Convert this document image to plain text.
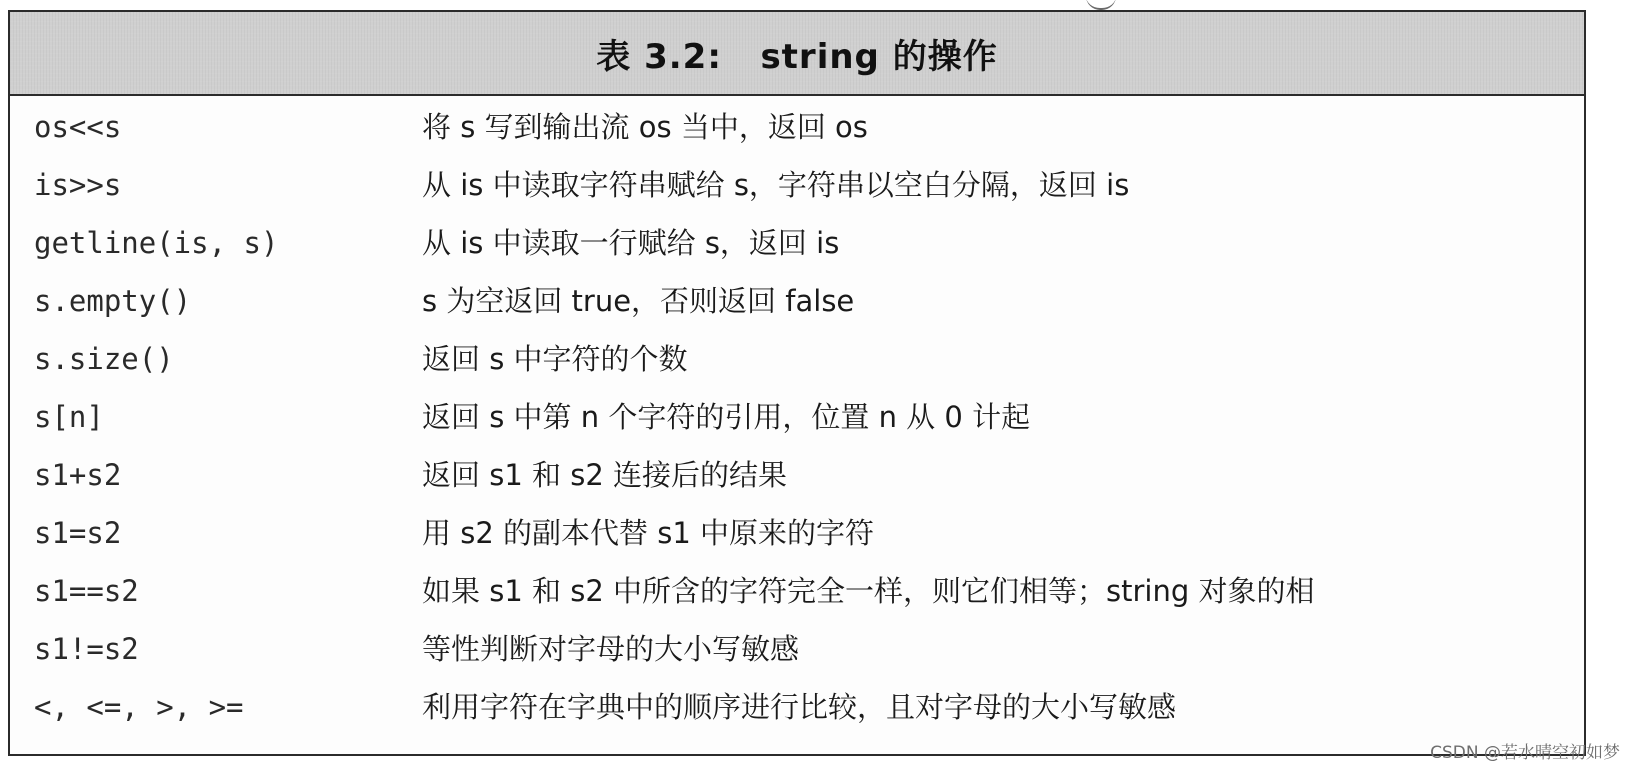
表 3.2:   string 的操作
os<<s	将 s 写到输出流 os 当中，返回 os
is>>s	从 is 中读取字符串赋给 s，字符串以空白分隔，返回 is
getline(is, s)	从 is 中读取一行赋给 s，返回 is
s.empty()	s 为空返回 true，否则返回 false
s.size()	返回 s 中字符的个数
s[n]	返回 s 中第 n 个字符的引用，位置 n 从 0 计起
s1+s2	返回 s1 和 s2 连接后的结果
s1=s2	用 s2 的副本代替 s1 中原来的字符
s1==s2	如果 s1 和 s2 中所含的字符完全一样，则它们相等；string 对象的相
s1!=s2	等性判断对字母的大小写敏感
<, <=, >, >=	利用字符在字典中的顺序进行比较，且对字母的大小写敏感
CSDN @若水晴空初如梦
